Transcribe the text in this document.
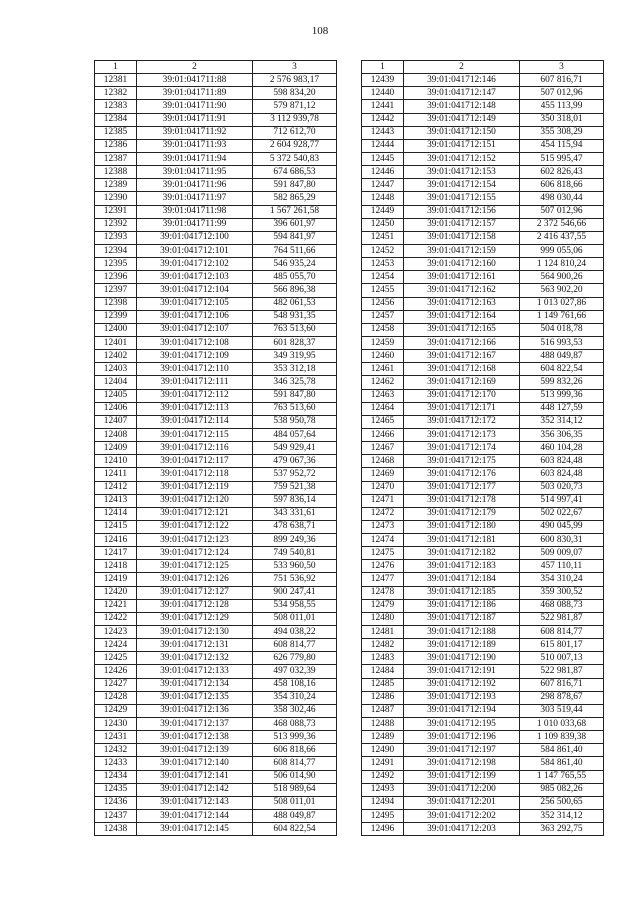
108
1	2	3
12381	39:01:041711:88	2 576 983,17
12382	39:01:041711:89	598 834,20
12383	39:01:041711:90	579 871,12
12384	39:01:041711:91	3 112 939,78
12385	39:01:041711:92	712 612,70
12386	39:01:041711:93	2 604 928,77
12387	39:01:041711:94	5 372 540,83
12388	39:01:041711:95	674 686,53
12389	39:01:041711:96	591 847,80
12390	39:01:041711:97	582 865,29
12391	39:01:041711:98	1 567 261,58
12392	39:01:041711:99	396 601,97
12393	39:01:041712:100	594 841,97
12394	39:01:041712:101	764 511,66
12395	39:01:041712:102	546 935,24
12396	39:01:041712:103	485 055,70
12397	39:01:041712:104	566 896,38
12398	39:01:041712:105	482 061,53
12399	39:01:041712:106	548 931,35
12400	39:01:041712:107	763 513,60
12401	39:01:041712:108	601 828,37
12402	39:01:041712:109	349 319,95
12403	39:01:041712:110	353 312,18
12404	39:01:041712:111	346 325,78
12405	39:01:041712:112	591 847,80
12406	39:01:041712:113	763 513,60
12407	39:01:041712:114	538 950,78
12408	39:01:041712:115	484 057,64
12409	39:01:041712:116	549 929,41
12410	39:01:041712:117	479 067,36
12411	39:01:041712:118	537 952,72
12412	39:01:041712:119	759 521,38
12413	39:01:041712:120	597 836,14
12414	39:01:041712:121	343 331,61
12415	39:01:041712:122	478 638,71
12416	39:01:041712:123	899 249,36
12417	39:01:041712:124	749 540,81
12418	39:01:041712:125	533 960,50
12419	39:01:041712:126	751 536,92
12420	39:01:041712:127	900 247,41
12421	39:01:041712:128	534 958,55
12422	39:01:041712:129	508 011,01
12423	39:01:041712:130	494 038,22
12424	39:01:041712:131	608 814,77
12425	39:01:041712:132	626 779,80
12426	39:01:041712:133	497 032,39
12427	39:01:041712:134	458 108,16
12428	39:01:041712:135	354 310,24
12429	39:01:041712:136	358 302,46
12430	39:01:041712:137	468 088,73
12431	39:01:041712:138	513 999,36
12432	39:01:041712:139	606 818,66
12433	39:01:041712:140	608 814,77
12434	39:01:041712:141	506 014,90
12435	39:01:041712:142	518 989,64
12436	39:01:041712:143	508 011,01
12437	39:01:041712:144	488 049,87
12438	39:01:041712:145	604 822,54
1	2	3
12439	39:01:041712:146	607 816,71
12440	39:01:041712:147	507 012,96
12441	39:01:041712:148	455 113,99
12442	39:01:041712:149	350 318,01
12443	39:01:041712:150	355 308,29
12444	39:01:041712:151	454 115,94
12445	39:01:041712:152	515 995,47
12446	39:01:041712:153	602 826,43
12447	39:01:041712:154	606 818,66
12448	39:01:041712:155	498 030,44
12449	39:01:041712:156	507 012,96
12450	39:01:041712:157	2 372 546,66
12451	39:01:041712:158	2 416 437,55
12452	39:01:041712:159	999 055,06
12453	39:01:041712:160	1 124 810,24
12454	39:01:041712:161	564 900,26
12455	39:01:041712:162	563 902,20
12456	39:01:041712:163	1 013 027,86
12457	39:01:041712:164	1 149 761,66
12458	39:01:041712:165	504 018,78
12459	39:01:041712:166	516 993,53
12460	39:01:041712:167	488 049,87
12461	39:01:041712:168	604 822,54
12462	39:01:041712:169	599 832,26
12463	39:01:041712:170	513 999,36
12464	39:01:041712:171	448 127,59
12465	39:01:041712:172	352 314,12
12466	39:01:041712:173	356 306,35
12467	39:01:041712:174	460 104,28
12468	39:01:041712:175	603 824,48
12469	39:01:041712:176	603 824,48
12470	39:01:041712:177	503 020,73
12471	39:01:041712:178	514 997,41
12472	39:01:041712:179	502 022,67
12473	39:01:041712:180	490 045,99
12474	39:01:041712:181	600 830,31
12475	39:01:041712:182	509 009,07
12476	39:01:041712:183	457 110,11
12477	39:01:041712:184	354 310,24
12478	39:01:041712:185	359 300,52
12479	39:01:041712:186	468 088,73
12480	39:01:041712:187	522 981,87
12481	39:01:041712:188	608 814,77
12482	39:01:041712:189	615 801,17
12483	39:01:041712:190	510 007,13
12484	39:01:041712:191	522 981,87
12485	39:01:041712:192	607 816,71
12486	39:01:041712:193	298 878,67
12487	39:01:041712:194	303 519,44
12488	39:01:041712:195	1 010 033,68
12489	39:01:041712:196	1 109 839,38
12490	39:01:041712:197	584 861,40
12491	39:01:041712:198	584 861,40
12492	39:01:041712:199	1 147 765,55
12493	39:01:041712:200	985 082,26
12494	39:01:041712:201	256 500,65
12495	39:01:041712:202	352 314,12
12496	39:01:041712:203	363 292,75
